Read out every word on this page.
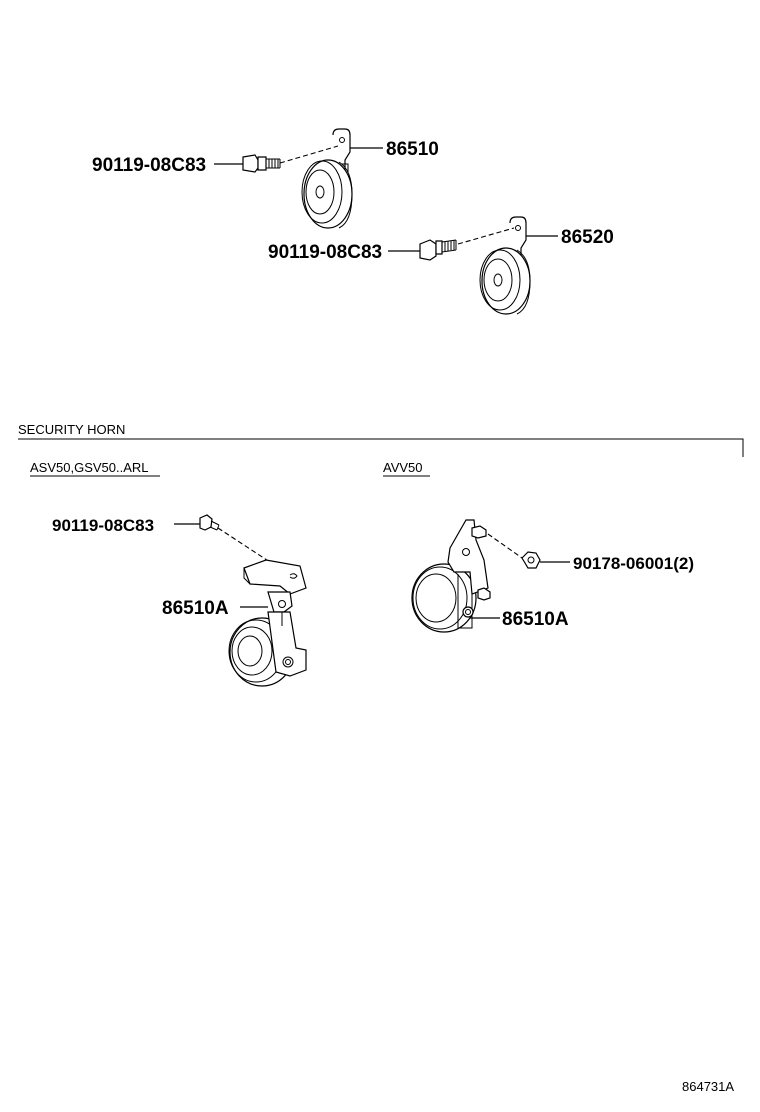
90119-08C83
86510
90119-08C83
86520
SECURITY HORN
ASV50,GSV50..ARL	AVV50
90119-08C83
86510A
90178-06001(2)
86510A
864731A
